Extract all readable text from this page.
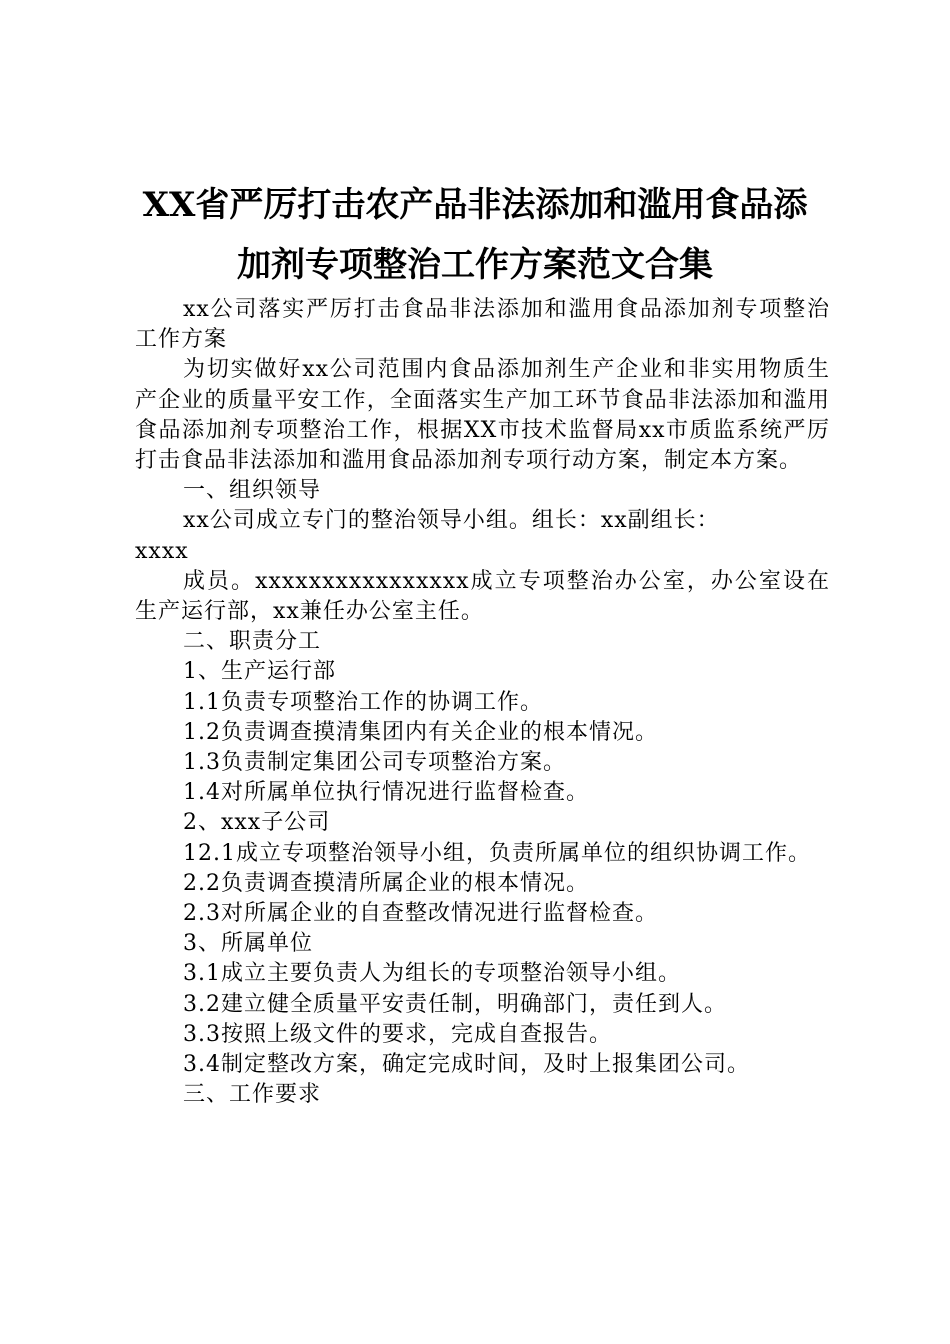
XX省严厉打击农产品非法添加和滥用食品添
加剂专项整治工作方案范文合集

xx公司落实严厉打击食品非法添加和滥用食品添加剂专项整治工作方案

为切实做好xx公司范围内食品添加剂生产企业和非实用物质生产企业的质量平安工作，全面落实生产加工环节食品非法添加和滥用食品添加剂专项整治工作，根据XX市技术监督局xx市质监系统严厉打击食品非法添加和滥用食品添加剂专项行动方案，制定本方案。

一、组织领导

xx公司成立专门的整治领导小组。组长：xx副组长：

xxxx

成员。xxxxxxxxxxxxxxxx成立专项整治办公室，办公室设在生产运行部，xx兼任办公室主任。

二、职责分工

1、生产运行部

1.1负责专项整治工作的协调工作。

1.2负责调查摸清集团内有关企业的根本情况。

1.3负责制定集团公司专项整治方案。

1.4对所属单位执行情况进行监督检查。

2、xxx子公司

12.1成立专项整治领导小组，负责所属单位的组织协调工作。

2.2负责调查摸清所属企业的根本情况。

2.3对所属企业的自查整改情况进行监督检查。

3、所属单位

3.1成立主要负责人为组长的专项整治领导小组。

3.2建立健全质量平安责任制，明确部门，责任到人。

3.3按照上级文件的要求，完成自查报告。

3.4制定整改方案，确定完成时间，及时上报集团公司。

三、工作要求
